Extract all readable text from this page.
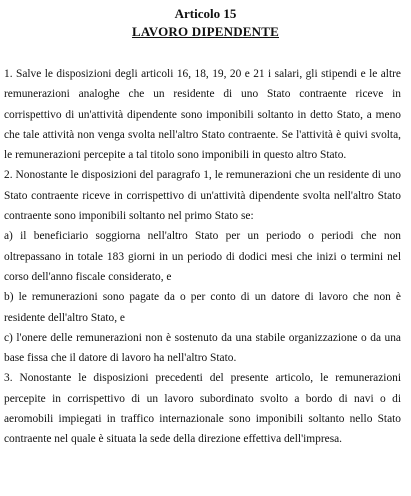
Articolo 15
LAVORO DIPENDENTE

1. Salve le disposizioni degli articoli 16, 18, 19, 20 e 21 i salari, gli stipendi e le altre remunerazioni analoghe che un residente di uno Stato contraente riceve in corrispettivo di un'attività dipendente sono imponibili soltanto in detto Stato, a meno che tale attività non venga svolta nell'altro Stato contraente. Se l'attività è quivi svolta, le remunerazioni percepite a tal titolo sono imponibili in questo altro Stato.

2. Nonostante le disposizioni del paragrafo 1, le remunerazioni che un residente di uno Stato contraente riceve in corrispettivo di un'attività dipendente svolta nell'altro Stato contraente sono imponibili soltanto nel primo Stato se:

a) il beneficiario soggiorna nell'altro Stato per un periodo o periodi che non oltrepassano in totale 183 giorni in un periodo di dodici mesi che inizi o termini nel corso dell'anno fiscale considerato, e

b) le remunerazioni sono pagate da o per conto di un datore di lavoro che non è residente dell'altro Stato, e

c) l'onere delle remunerazioni non è sostenuto da una stabile organizzazione o da una base fissa che il datore di lavoro ha nell'altro Stato.

3. Nonostante le disposizioni precedenti del presente articolo, le remunerazioni percepite in corrispettivo di un lavoro subordinato svolto a bordo di navi o di aeromobili impiegati in traffico internazionale sono imponibili soltanto nello Stato contraente nel quale è situata la sede della direzione effettiva dell'impresa.
